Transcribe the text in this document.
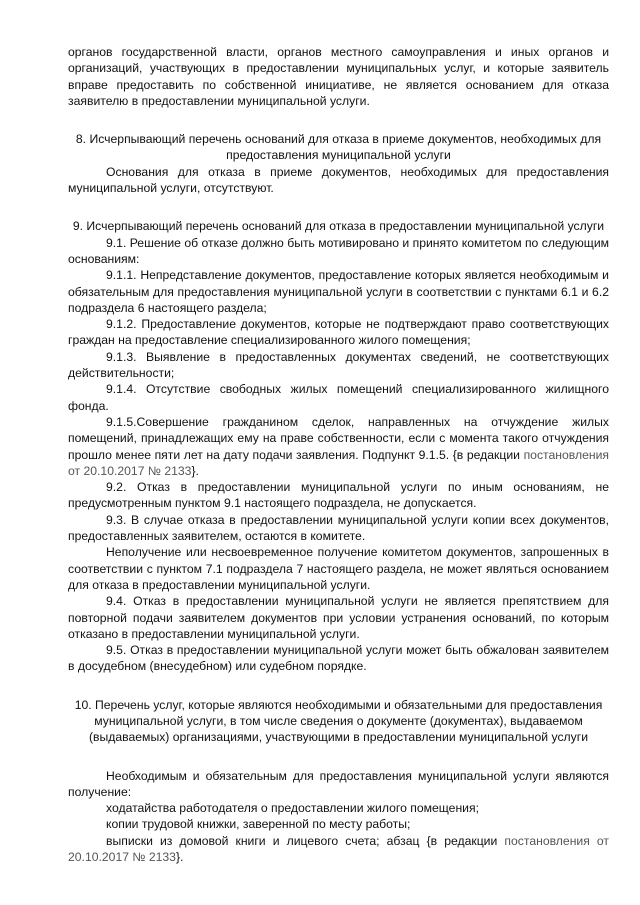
органов государственной власти, органов местного самоуправления и иных органов и организаций, участвующих в предоставлении муниципальных услуг, и которые заявитель вправе предоставить по собственной инициативе, не является основанием для отказа заявителю в предоставлении муниципальной услуги.

8. Исчерпывающий перечень оснований для отказа в приеме документов, необходимых для предоставления муниципальной услуги

Основания для отказа в приеме документов, необходимых для предоставления муниципальной услуги, отсутствуют.

9. Исчерпывающий перечень оснований для отказа в предоставлении муниципальной услуги

9.1. Решение об отказе должно быть мотивировано и принято комитетом по следующим основаниям:

9.1.1. Непредставление документов, предоставление которых является необходимым и обязательным для предоставления муниципальной услуги в соответствии с пунктами 6.1 и 6.2 подраздела 6 настоящего раздела;

9.1.2. Предоставление документов, которые не подтверждают право соответствующих граждан на предоставление специализированного жилого помещения;

9.1.3. Выявление в предоставленных документах сведений, не соответствующих действительности;

9.1.4. Отсутствие свободных жилых помещений специализированного жилищного фонда.

9.1.5.Совершение гражданином сделок, направленных на отчуждение жилых помещений, принадлежащих ему на праве собственности, если с момента такого отчуждения прошло менее пяти лет на дату подачи заявления. Подпункт 9.1.5. {в редакции постановления от 20.10.2017 № 2133}.

9.2. Отказ в предоставлении муниципальной услуги по иным основаниям, не предусмотренным пунктом 9.1 настоящего подраздела, не допускается.

9.3. В случае отказа в предоставлении муниципальной услуги копии всех документов, предоставленных заявителем, остаются в комитете.

Неполучение или несвоевременное получение комитетом документов, запрошенных в соответствии с пунктом 7.1 подраздела 7 настоящего раздела, не может являться основанием для отказа в предоставлении муниципальной услуги.

9.4. Отказ в предоставлении муниципальной услуги не является препятствием для повторной подачи заявителем документов при условии устранения оснований, по которым отказано в предоставлении муниципальной услуги.

9.5. Отказ в предоставлении муниципальной услуги может быть обжалован заявителем в досудебном (внесудебном) или судебном порядке.

10. Перечень услуг, которые являются необходимыми и обязательными для предоставления муниципальной услуги, в том числе сведения о документе (документах), выдаваемом (выдаваемых) организациями, участвующими в предоставлении муниципальной услуги

Необходимым и обязательным для предоставления муниципальной услуги являются получение:

ходатайства работодателя о предоставлении жилого помещения;

копии трудовой книжки, заверенной по месту работы;

выписки из домовой книги и лицевого счета; абзац {в редакции постановления от 20.10.2017 № 2133}.
